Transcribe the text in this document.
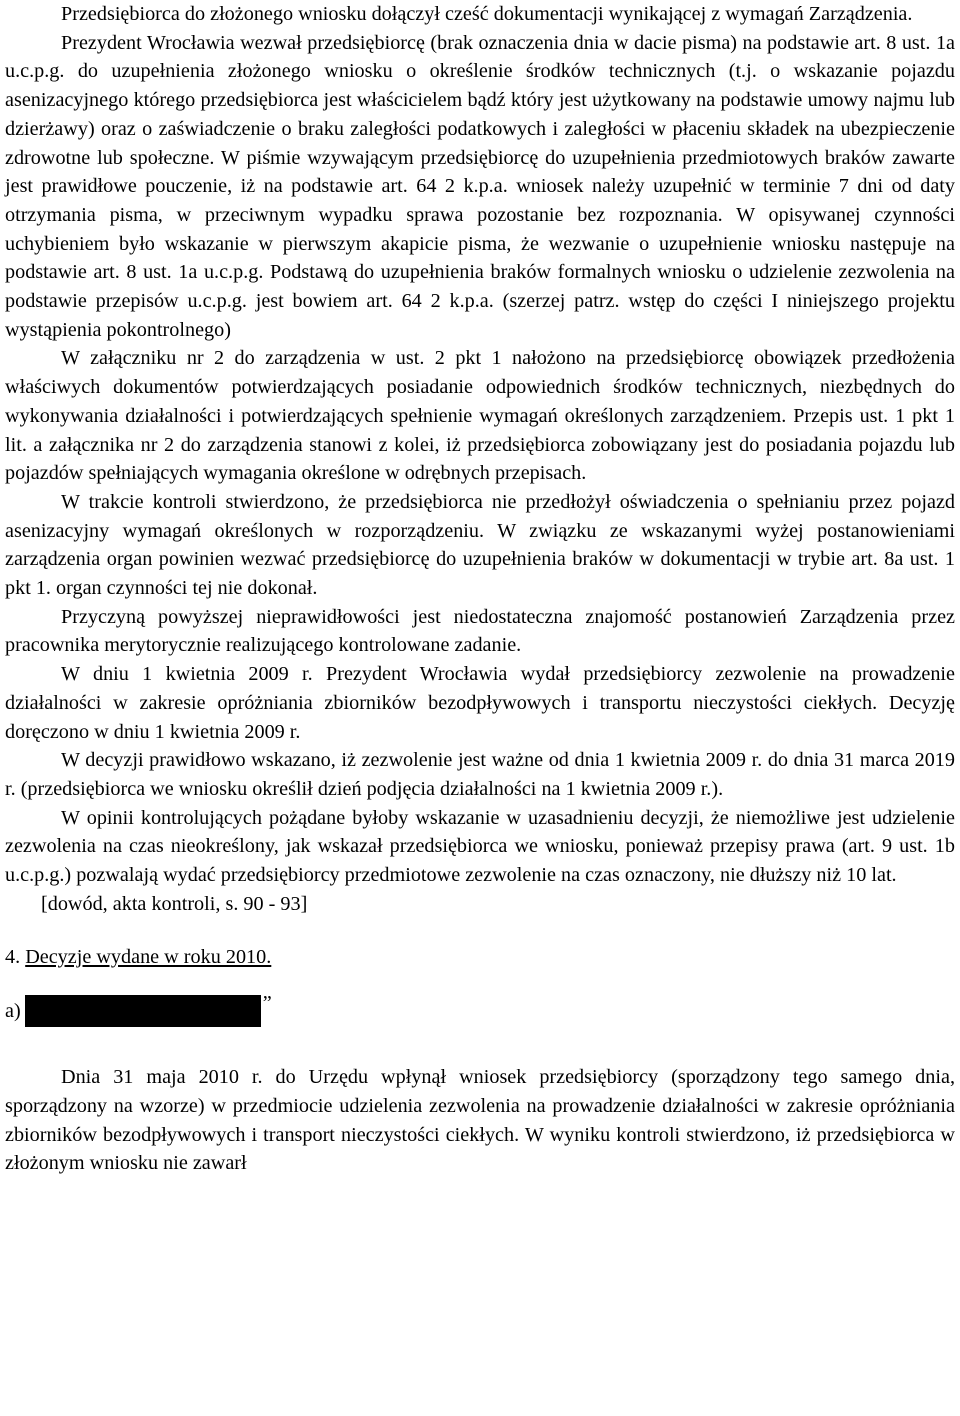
Przedsiębiorca do złożonego wniosku dołączył cześć dokumentacji wynikającej z wymagań Zarządzenia.

Prezydent Wrocławia wezwał przedsiębiorcę (brak oznaczenia dnia w dacie pisma) na podstawie art. 8 ust. 1a u.c.p.g. do uzupełnienia złożonego wniosku o określenie środków technicznych (t.j. o wskazanie pojazdu asenizacyjnego którego przedsiębiorca jest właścicielem bądź który jest użytkowany na podstawie umowy najmu lub dzierżawy) oraz o zaświadczenie o braku zaległości podatkowych i zaległości w płaceniu składek na ubezpieczenie zdrowotne lub społeczne. W piśmie wzywającym przedsiębiorcę do uzupełnienia przedmiotowych braków zawarte jest prawidłowe pouczenie, iż na podstawie art. 64 2 k.p.a. wniosek należy uzupełnić w terminie 7 dni od daty otrzymania pisma, w przeciwnym wypadku sprawa pozostanie bez rozpoznania. W opisywanej czynności uchybieniem było wskazanie w pierwszym akapicie pisma, że wezwanie o uzupełnienie wniosku następuje na podstawie art. 8 ust. 1a u.c.p.g. Podstawą do uzupełnienia braków formalnych wniosku o udzielenie zezwolenia na podstawie przepisów u.c.p.g. jest bowiem art. 64 2 k.p.a. (szerzej patrz. wstęp do części I niniejszego projektu wystąpienia pokontrolnego)

W załączniku nr 2 do zarządzenia w ust. 2 pkt 1 nałożono na przedsiębiorcę obowiązek przedłożenia właściwych dokumentów potwierdzających posiadanie odpowiednich środków technicznych, niezbędnych do wykonywania działalności i potwierdzających spełnienie wymagań określonych zarządzeniem. Przepis ust. 1 pkt 1 lit. a załącznika nr 2 do zarządzenia stanowi z kolei, iż przedsiębiorca zobowiązany jest do posiadania pojazdu lub pojazdów spełniających wymagania określone w odrębnych przepisach.

W trakcie kontroli stwierdzono, że przedsiębiorca nie przedłożył oświadczenia o spełnianiu przez pojazd asenizacyjny wymagań określonych w rozporządzeniu. W związku ze wskazanymi wyżej postanowieniami zarządzenia organ powinien wezwać przedsiębiorcę do uzupełnienia braków w dokumentacji w trybie art. 8a ust. 1 pkt 1. organ czynności tej nie dokonał.

Przyczyną powyższej nieprawidłowości jest niedostateczna znajomość postanowień Zarządzenia przez pracownika merytorycznie realizującego kontrolowane zadanie.

W dniu 1 kwietnia 2009 r. Prezydent Wrocławia wydał przedsiębiorcy zezwolenie na prowadzenie działalności w zakresie opróżniania zbiorników bezodpływowych i transportu nieczystości ciekłych. Decyzję doręczono w dniu 1 kwietnia 2009 r.

W decyzji prawidłowo wskazano, iż zezwolenie jest ważne od dnia 1 kwietnia 2009 r. do dnia 31 marca 2019 r. (przedsiębiorca we wniosku określił dzień podjęcia działalności na 1 kwietnia 2009 r.).

W opinii kontrolujących pożądane byłoby wskazanie w uzasadnieniu decyzji, że niemożliwe jest udzielenie zezwolenia na czas nieokreślony, jak wskazał przedsiębiorca we wniosku, ponieważ przepisy prawa (art. 9 ust. 1b u.c.p.g.) pozwalają wydać przedsiębiorcy przedmiotowe zezwolenie na czas oznaczony, nie dłuższy niż 10 lat.

[dowód, akta kontroli, s. 90 - 93]

4. Decyzje wydane w roku 2010.

a)	”

Dnia 31 maja 2010 r. do Urzędu wpłynął wniosek przedsiębiorcy (sporządzony tego samego dnia, sporządzony na wzorze) w przedmiocie udzielenia zezwolenia na prowadzenie działalności w zakresie opróżniania zbiorników bezodpływowych i transport nieczystości ciekłych. W wyniku kontroli stwierdzono, iż przedsiębiorca w złożonym wniosku nie zawarł
